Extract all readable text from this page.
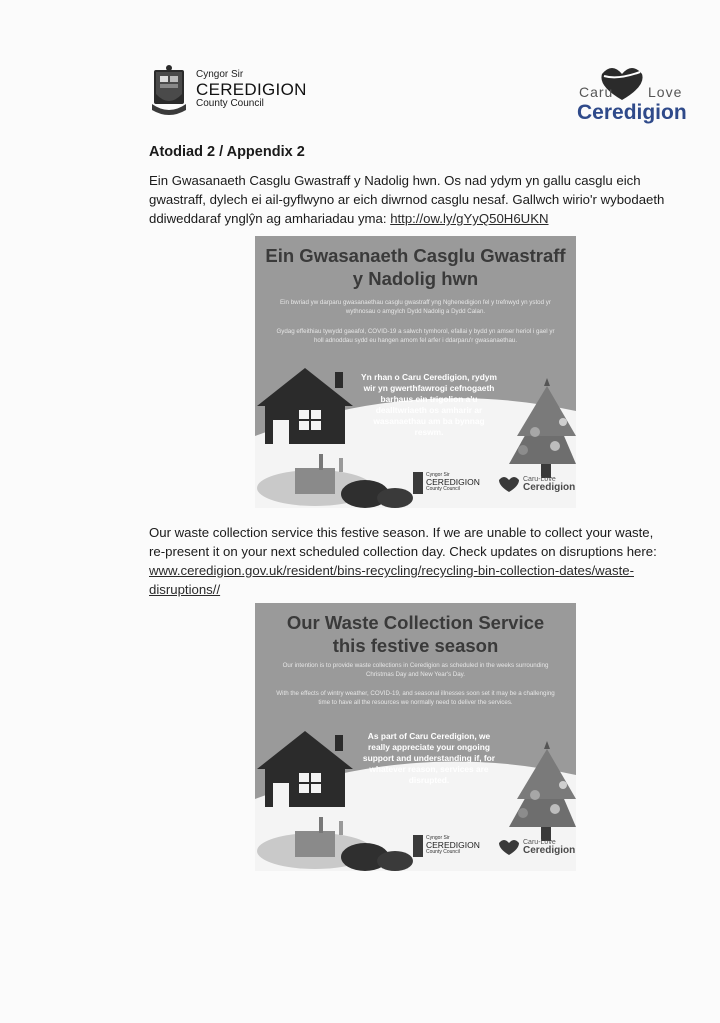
Cyngor Sir
CEREDIGION
County Council
Caru Love
Ceredigion
Atodiad 2 / Appendix 2
Ein Gwasanaeth Casglu Gwastraff y Nadolig hwn. Os nad ydym yn gallu casglu eich gwastraff, dylech ei ail-gyflwyno ar eich diwrnod casglu nesaf. Gallwch wirio'r wybodaeth ddiweddaraf ynglŷn ag amhariadau yma: http://ow.ly/gYyQ50H6UKN
Ein Gwasanaeth Casglu Gwastraff
y Nadolig hwn
Ein bwriad yw darparu gwasanaethau casglu gwastraff yng Nghenedigion fel y trefnwyd yn ystod yr wythnosau o amgylch Dydd Nadolig a Dydd Calan.
Gydag effeithiau tywydd gaeafol, COVID-19 a salwch tymhorol, efallai y bydd yn amser heriol i gael yr holl adnoddau sydd eu hangen arnom fel arfer i ddarparu'r gwasanaethau.
Yn rhan o Caru Ceredigion, rydym wir yn gwerthfawrogi cefnogaeth barhaus ein trigolion a'u dealltwriaeth os amharir ar wasanaethau am ba bynnag reswm.
Cyngor Sir
CEREDIGION
County Council
Caru-Love
Ceredigion
Our waste collection service this festive season. If we are unable to collect your waste, re-present it on your next scheduled collection day. Check updates on disruptions here: www.ceredigion.gov.uk/resident/bins-recycling/recycling-bin-collection-dates/waste-disruptions//
Our Waste Collection Service
this festive season
Our intention is to provide waste collections in Ceredigion as scheduled in the weeks surrounding Christmas Day and New Year's Day.
With the effects of wintry weather, COVID-19, and seasonal illnesses soon set it may be a challenging time to have all the resources we normally need to deliver the services.
As part of Caru Ceredigion, we really appreciate your ongoing support and understanding if, for whatever reason, services are disrupted.
Cyngor Sir
CEREDIGION
County Council
Caru-Love
Ceredigion
